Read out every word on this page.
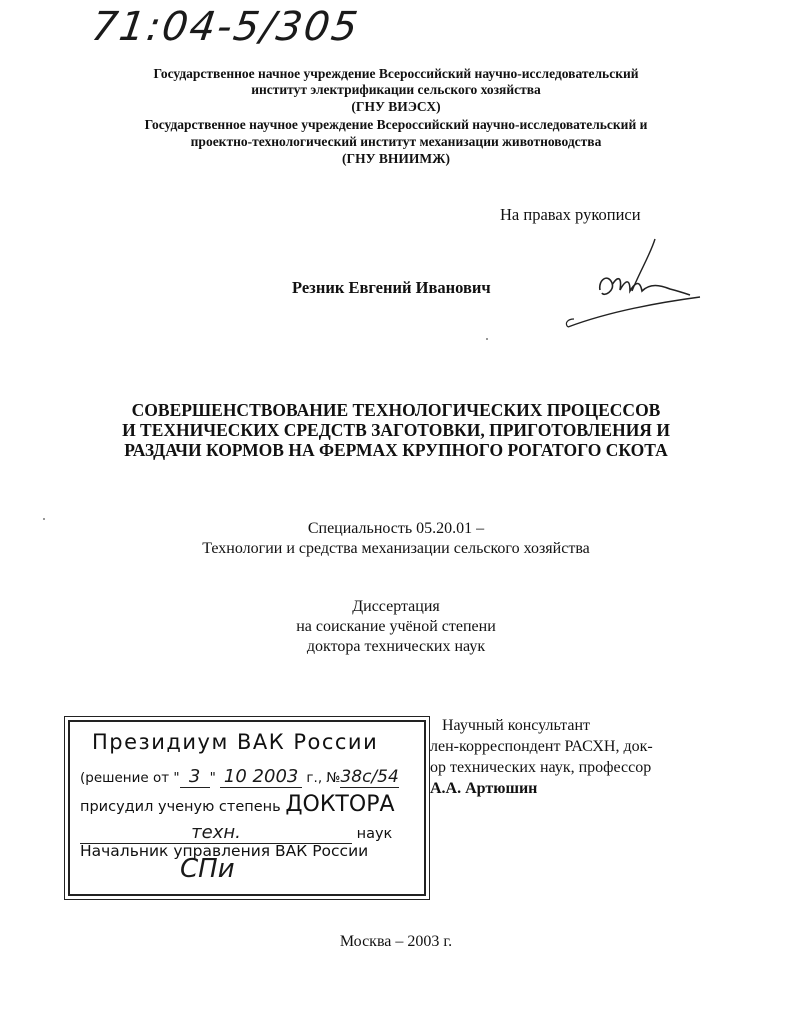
71:04-5/305
Государственное начное учреждение Всероссийский научно-исследовательский
институт электрификации сельского хозяйства
(ГНУ ВИЭСХ)
Государственное научное учреждение Всероссийский научно-исследовательский и
проектно-технологический институт механизации животноводства
(ГНУ ВНИИМЖ)
На правах рукописи
Резник Евгений Иванович
СОВЕРШЕНСТВОВАНИЕ ТЕХНОЛОГИЧЕСКИХ ПРОЦЕССОВ
И ТЕХНИЧЕСКИХ СРЕДСТВ ЗАГОТОВКИ, ПРИГОТОВЛЕНИЯ И
РАЗДАЧИ КОРМОВ НА ФЕРМАХ КРУПНОГО РОГАТОГО СКОТА
Специальность 05.20.01 –
Технологии и средства механизации сельского хозяйства
Диссертация
на соискание учёной степени
доктора технических наук
Научный консультант
лен-корреспондент РАСХН, док-
ор технических наук, профессор
А.А. Артюшин
Президиум ВАК России
(решение от " 3 " 10 2003 г., №38с/54
присудил ученую степень ДОКТОРА
техн.	наук
Начальник управления ВАК России
СПи
Москва – 2003 г.
